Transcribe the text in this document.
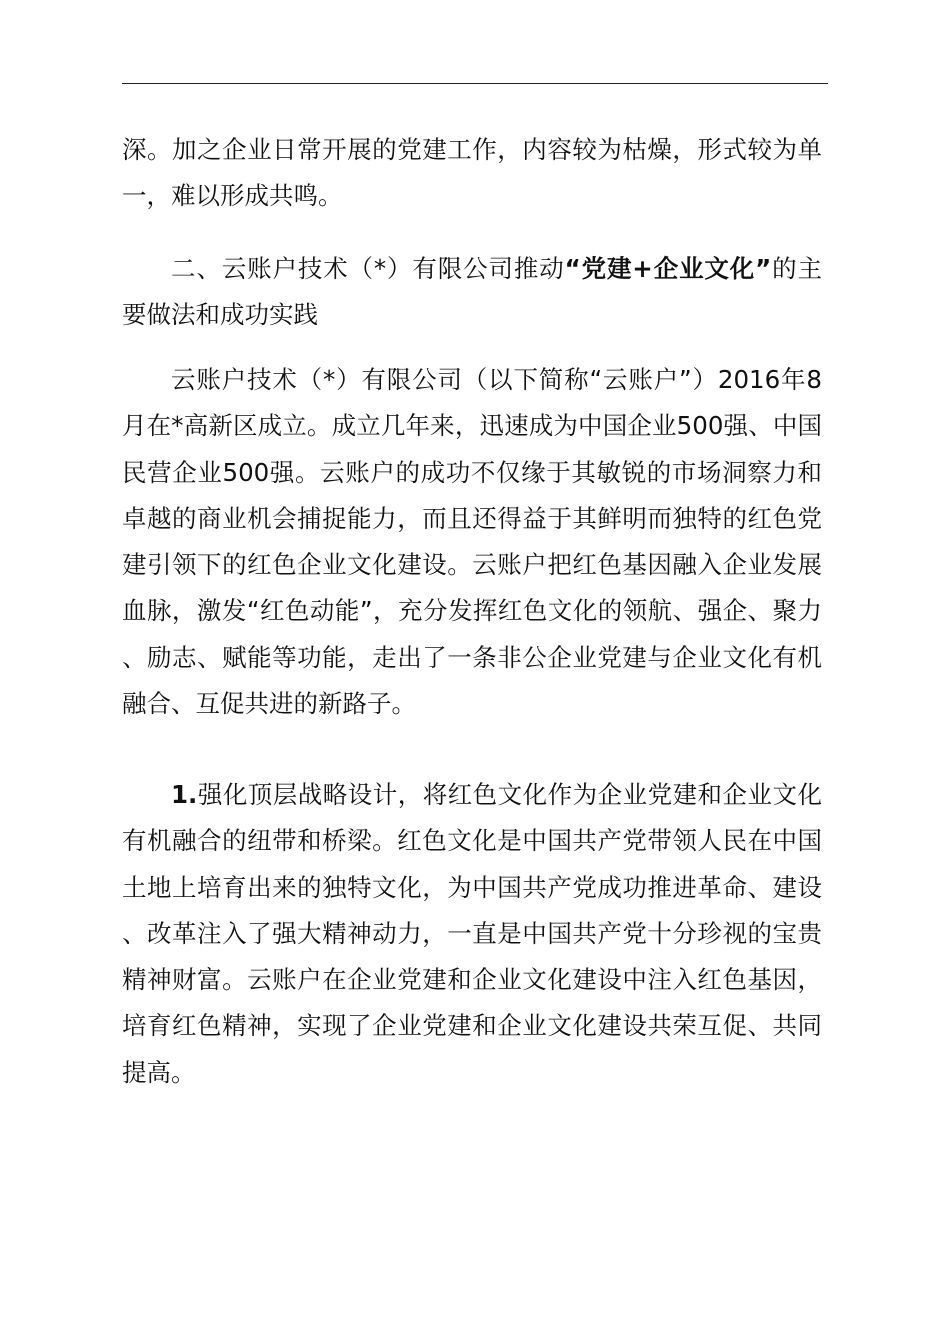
深。加之企业日常开展的党建工作，内容较为枯燥，形式较为单一，难以形成共鸣。

二、云账户技术（*）有限公司推动“党建+企业文化”的主要做法和成功实践

云账户技术（*）有限公司（以下简称“云账户”）2016年8月在*高新区成立。成立几年来，迅速成为中国企业500强、中国民营企业500强。云账户的成功不仅缘于其敏锐的市场洞察力和卓越的商业机会捕捉能力，而且还得益于其鲜明而独特的红色党建引领下的红色企业文化建设。云账户把红色基因融入企业发展血脉，激发“红色动能”，充分发挥红色文化的领航、强企、聚力、励志、赋能等功能，走出了一条非公企业党建与企业文化有机融合、互促共进的新路子。

1.强化顶层战略设计，将红色文化作为企业党建和企业文化有机融合的纽带和桥梁。红色文化是中国共产党带领人民在中国土地上培育出来的独特文化，为中国共产党成功推进革命、建设、改革注入了强大精神动力，一直是中国共产党十分珍视的宝贵精神财富。云账户在企业党建和企业文化建设中注入红色基因，培育红色精神，实现了企业党建和企业文化建设共荣互促、共同提高。
